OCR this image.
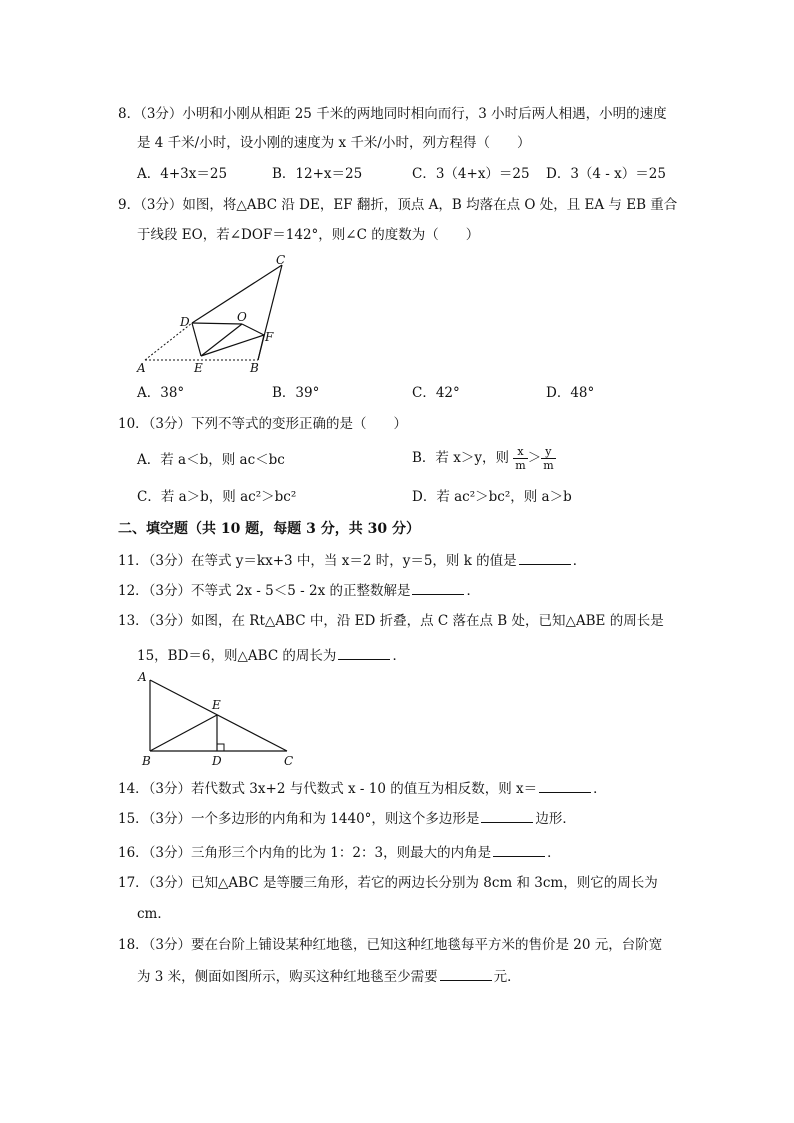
8．（3分）小明和小刚从相距 25 千米的两地同时相向而行，3 小时后两人相遇，小明的速度
是 4 千米/小时，设小刚的速度为 x 千米/小时，列方程得（　　）
A．4+3x＝25	B．12+x＝25	C．3（4+x）＝25 D．3（4 - x）＝25
9．（3分）如图，将△ABC 沿 DE，EF 翻折，顶点 A，B 均落在点 O 处，且 EA 与 EB 重合
于线段 EO，若∠DOF＝142°，则∠C 的度数为（　　）
C
D	O
F
A	E	B
A．38°	B．39°	C．42°	D．48°
10．（3分）下列不等式的变形正确的是（　　）
A．若 a＜b，则 ac＜bc	B．若 x＞y，则 $\frac{x}{m} > \frac{y}{m}$
C．若 a＞b，则 ac²＞bc²	D．若 ac²＞bc²，则 a＞b
二、填空题（共 10 题，每题 3 分，共 30 分）
11．（3分）在等式 y＝kx+3 中，当 x＝2 时，y＝5，则 k 的值是	．
12．（3分）不等式 2x - 5＜5 - 2x 的正整数解是	．
13．（3分）如图，在 Rt△ABC 中，沿 ED 折叠，点 C 落在点 B 处，已知△ABE 的周长是
15，BD＝6，则△ABC 的周长为	．
A
E
B	D	C
14．（3分）若代数式 3x+2 与代数式 x - 10 的值互为相反数，则 x＝	．
15．（3分）一个多边形的内角和为 1440°，则这个多边形是	边形．
16．（3分）三角形三个内角的比为 1：2：3，则最大的内角是	．
17．（3分）已知△ABC 是等腰三角形，若它的两边长分别为 8cm 和 3cm，则它的周长为
cm．
18．（3分）要在台阶上铺设某种红地毯，已知这种红地毯每平方米的售价是 20 元，台阶宽
为 3 米，侧面如图所示，购买这种红地毯至少需要	元．
